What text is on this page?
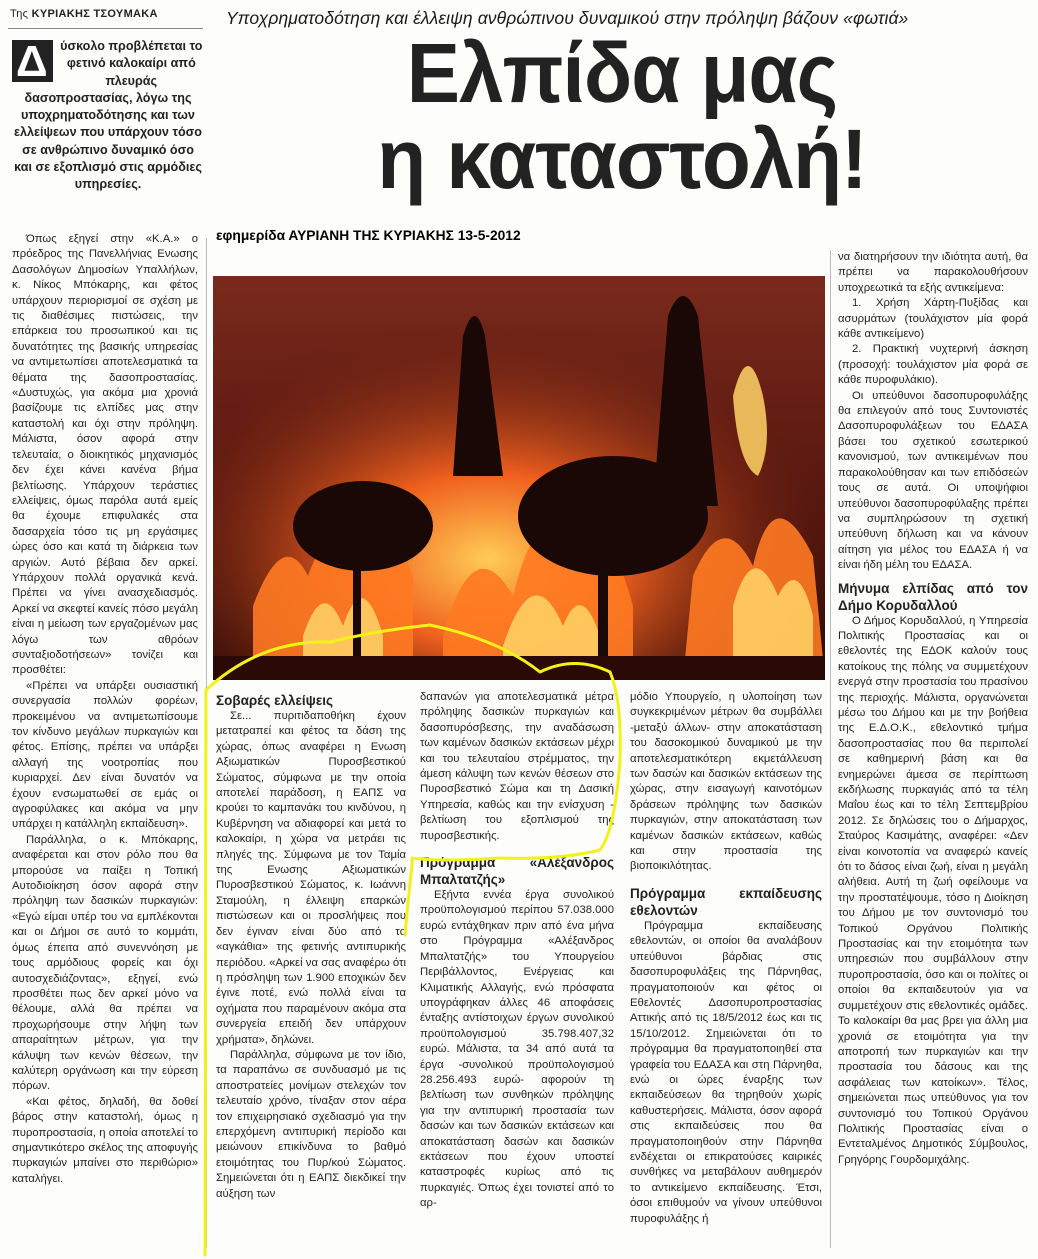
Της ΚΥΡΙΑΚΗΣ ΤΣΟΥΜΑΚΑ	Υποχρηματοδότηση και έλλειψη ανθρώπινου δυναμικού στην πρόληψη βάζουν «φωτιά»
Ελπίδα μας
η καταστολή!
Δ ύσκολο προβλέπεται το φετινό καλοκαίρι από πλευράς δασοπροστασίας, λόγω της υποχρηματοδότησης και των ελλείψεων που υπάρχουν τόσο σε ανθρώπινο δυναμικό όσο και σε εξοπλισμό στις αρμόδιες υπηρεσίες.
εφημερίδα ΑΥΡΙΑΝΗ ΤΗΣ ΚΥΡΙΑΚΗΣ 13-5-2012

Όπως εξηγεί στην «Κ.Α.» ο πρόεδρος της Πανελλήνιας Ενωσης Δασολόγων Δημοσίων Υπαλλήλων, κ. Νίκος Μπόκαρης, και φέτος υπάρχουν περιορισμοί σε σχέση με τις διαθέσιμες πιστώσεις, την επάρκεια του προσωπικού και τις δυνατότητες της βασικής υπηρεσίας να αντιμετωπίσει αποτελεσματικά τα θέματα της δασοπροστασίας. «Δυστυχώς, για ακόμα μια χρονιά βασίζουμε τις ελπίδες μας στην καταστολή και όχι στην πρόληψη. Μάλιστα, όσον αφορά στην τελευταία, ο διοικητικός μηχανισμός δεν έχει κάνει κανένα βήμα βελτίωσης. Υπάρχουν τεράστιες ελλείψεις, όμως παρόλα αυτά εμείς θα έχουμε επιφυλακές στα δασαρχεία τόσο τις μη εργάσιμες ώρες όσο και κατά τη διάρκεια των αργιών. Αυτό βέβαια δεν αρκεί. Υπάρχουν πολλά οργανικά κενά. Πρέπει να γίνει ανασχεδιασμός. Αρκεί να σκεφτεί κανείς πόσο μεγάλη είναι η μείωση των εργαζομένων μας λόγω των αθρόων συνταξιοδοτήσεων» τονίζει και προσθέτει:

«Πρέπει να υπάρξει ουσιαστική συνεργασία πολλών φορέων, προκειμένου να αντιμετωπίσουμε τον κίνδυνο μεγάλων πυρκαγιών και φέτος. Επίσης, πρέπει να υπάρξει αλλαγή της νοοτροπίας που κυριαρχεί. Δεν είναι δυνατόν να έχουν ενσωματωθεί σε εμάς οι αγροφύλακες και ακόμα να μην υπάρχει η κατάλληλη εκπαίδευση».

Παράλληλα, ο κ. Μπόκαρης, αναφέρεται και στον ρόλο που θα μπορούσε να παίξει η Τοπική Αυτοδιοίκηση όσον αφορά στην πρόληψη των δασικών πυρκαγιών: «Εγώ είμαι υπέρ του να εμπλέκονται και οι Δήμοι σε αυτό το κομμάτι, όμως έπειτα από συνεννόηση με τους αρμόδιους φορείς και όχι αυτοσχεδιάζοντας», εξηγεί, ενώ προσθέτει πως δεν αρκεί μόνο να θέλουμε, αλλά θα πρέπει να προχωρήσουμε στην λήψη των απαραίτητων μέτρων, για την κάλυψη των κενών θέσεων, την καλύτερη οργάνωση και την εύρεση πόρων.

«Και φέτος, δηλαδή, θα δοθεί βάρος στην καταστολή, όμως η πυροπροστασία, η οποία αποτελεί το σημαντικότερο σκέλος της αποφυγής πυρκαγιών μπαίνει στο περιθώριο» καταλήγει.

Σοβαρές ελλείψεις

Σε... πυριτιδαποθήκη έχουν μετατραπεί και φέτος τα δάση της χώρας, όπως αναφέρει η Ενωση Αξιωματικών Πυροσβεστικού Σώματος, σύμφωνα με την οποία αποτελεί παράδοση, η ΕΑΠΣ να κρούει το καμπανάκι του κινδύνου, η Κυβέρνηση να αδιαφορεί και μετά το καλοκαίρι, η χώρα να μετράει τις πληγές της. Σύμφωνα με τον Ταμία της Ενωσης Αξιωματικών Πυροσβεστικού Σώματος, κ. Ιωάννη Σταμούλη, η έλλειψη επαρκών πιστώσεων και οι προσλήψεις που δεν έγιναν είναι δύο από το «αγκάθια» της φετινής αντιπυρικής περιόδου. «Αρκεί να σας αναφέρω ότι η πρόσληψη των 1.900 εποχικών δεν έγινε ποτέ, ενώ πολλά είναι τα οχήματα που παραμένουν ακόμα στα συνεργεία επειδή δεν υπάρχουν χρήματα», δηλώνει.

Παράλληλα, σύμφωνα με τον ίδιο, τα παραπάνω σε συνδυασμό με τις αποστρατείες μονίμων στελεχών τον τελευταίο χρόνο, τίναξαν στον αέρα τον επιχειρησιακό σχεδιασμό για την επερχόμενη αντιπυρική περίοδο και μειώνουν επικίνδυνα το βαθμό ετοιμότητας του Πυρ/κού Σώματος. Σημειώνεται ότι η ΕΑΠΣ διεκδικεί την αύξηση των

δαπανών για αποτελεσματικά μέτρα πρόληψης δασικών πυρκαγιών και δασοπυρόσβεσης, την αναδάσωση των καμένων δασικών εκτάσεων μέχρι και του τελευταίου στρέμματος, την άμεση κάλυψη των κενών θέσεων στο Πυροσβεστικό Σώμα και τη Δασική Υπηρεσία, καθώς και την ενίσχυση - βελτίωση του εξοπλισμού της πυροσβεστικής.

Πρόγραμμα «Αλέξανδρος Μπαλτατζής»

Εξήντα εννέα έργα συνολικού προϋπολογισμού περίπου 57.038.000 ευρώ εντάχθηκαν πριν από ένα μήνα στο Πρόγραμμα «Αλέξανδρος Μπαλτατζής» του Υπουργείου Περιβάλλοντος, Ενέργειας και Κλιματικής Αλλαγής, ενώ πρόσφατα υπογράφηκαν άλλες 46 αποφάσεις ένταξης αντίστοιχων έργων συνολικού προϋπολογισμού 35.798.407,32 ευρώ. Μάλιστα, τα 34 από αυτά τα έργα -συνολικού προϋπολογισμού 28.256.493 ευρώ- αφορούν τη βελτίωση των συνθηκών πρόληψης για την αντιπυρική προστασία των δασών και των δασικών εκτάσεων και αποκατάσταση δασών και δασικών εκτάσεων που έχουν υποστεί καταστροφές κυρίως από τις πυρκαγιές. Όπως έχει τονιστεί από το αρ-

μόδιο Υπουργείο, η υλοποίηση των συγκεκριμένων μέτρων θα συμβάλλει -μεταξύ άλλων- στην αποκατάσταση του δασοκομικού δυναμικού με την αποτελεσματικότερη εκμετάλλευση των δασών και δασικών εκτάσεων της χώρας, στην εισαγωγή καινοτόμων δράσεων πρόληψης των δασικών πυρκαγιών, στην αποκατάσταση των καμένων δασικών εκτάσεων, καθώς και στην προστασία της βιοποικιλότητας.

Πρόγραμμα εκπαίδευσης εθελοντών

Πρόγραμμα εκπαίδευσης εθελοντών, οι οποίοι θα αναλάβουν υπεύθυνοι βάρδιας στις δασοπυροφυλάξεις της Πάρνηθας, πραγματοποιούν και φέτος οι Εθελοντές Δασοπυροπροστασίας Αττικής από τις 18/5/2012 έως και τις 15/10/2012. Σημειώνεται ότι το πρόγραμμα θα πραγματοποιηθεί στα γραφεία του ΕΔΑΣΑ και στη Πάρνηθα, ενώ οι ώρες έναρξης των εκπαιδεύσεων θα τηρηθούν χωρίς καθυστερήσεις. Μάλιστα, όσον αφορά στις εκπαιδεύσεις που θα πραγματοποιηθούν στην Πάρνηθα ενδέχεται οι επικρατούσες καιρικές συνθήκες να μεταβάλουν αυθημερόν το αντικείμενο εκπαίδευσης. Έτσι, όσοι επιθυμούν να γίνουν υπεύθυνοι πυροφυλάξης ή

να διατηρήσουν την ιδιότητα αυτή, θα πρέπει να παρακολουθήσουν υποχρεωτικά τα εξής αντικείμενα:

1. Χρήση Χάρτη-Πυξίδας και ασυρμάτων (τουλάχιστον μία φορά κάθε αντικείμενο)

2. Πρακτική νυχτερινή άσκηση (προσοχή: τουλάχιστον μία φορά σε κάθε πυροφυλάκιο).

Οι υπεύθυνοι δασοπυροφυλάξης θα επιλεγούν από τους Συντονιστές Δασοπυροφυλάξεων του ΕΔΑΣΑ βάσει του σχετικού εσωτερικού κανονισμού, των αντικειμένων που παρακολούθησαν και των επιδόσεών τους σε αυτά. Οι υποψήφιοι υπεύθυνοι δασοπυροφύλαξης πρέπει να συμπληρώσουν τη σχετική υπεύθυνη δήλωση και να κάνουν αίτηση για μέλος του ΕΔΑΣΑ ή να είναι ήδη μέλη του ΕΔΑΣΑ.

Μήνυμα ελπίδας από τον Δήμο Κορυδαλλού

Ο Δήμος Κορυδαλλού, η Υπηρεσία Πολιτικής Προστασίας και οι εθελοντές της ΕΔΟΚ καλούν τους κατοίκους της πόλης να συμμετέχουν ενεργά στην προστασία του πρασίνου της περιοχής. Μάλιστα, οργανώνεται μέσω του Δήμου και με την βοήθεια της Ε.Δ.Ο.Κ., εθελοντικό τμήμα δασοπροστασίας που θα περιπολεί σε καθημερινή βάση και θα ενημερώνει άμεσα σε περίπτωση εκδήλωσης πυρκαγιάς από τα τέλη Μαΐου έως και το τέλη Σεπτεμβρίου 2012. Σε δηλώσεις του ο Δήμαρχος, Σταύρος Κασιμάτης, αναφέρει: «Δεν είναι κοινοτοπία να αναφερώ κανείς ότι το δάσος είναι ζωή, είναι η μεγάλη αλήθεια. Αυτή τη ζωή οφείλουμε να την προστατέψουμε, τόσο η Διοίκηση του Δήμου με τον συντονισμό του Τοπικού Οργάνου Πολιτικής Προστασίας και την ετοιμότητα των υπηρεσιών που συμβάλλουν στην πυροπροστασία, όσο και οι πολίτες οι οποίοι θα εκπαιδευτούν για να συμμετέχουν στις εθελοντικές ομάδες. Το καλοκαίρι θα μας βρει για άλλη μια χρονιά σε ετοιμότητα για την αποτροπή των πυρκαγιών και την προστασία του δάσους και της ασφάλειας των κατοίκων». Τέλος, σημειώνεται πως υπεύθυνος για τον συντονισμό του Τοπικού Οργάνου Πολιτικής Προστασίας είναι ο Εντεταλμένος Δημοτικός Σύμβουλος, Γρηγόρης Γουρδομιχάλης.
